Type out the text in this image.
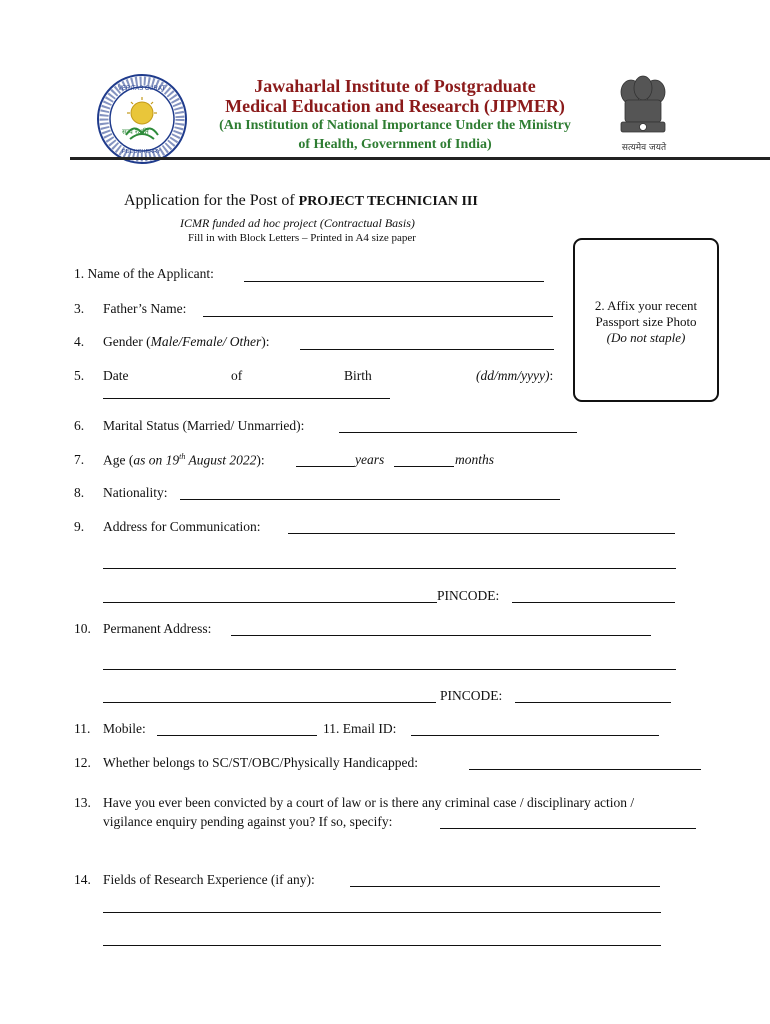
VERITAS CURAT
सत्यं रक्षति
PUDUCHERRY
Jawaharlal Institute of Postgraduate
Medical Education and Research (JIPMER)
(An Institution of National Importance Under the Ministry
of Health, Government of India)	सत्यमेव जयते
Application for the Post of PROJECT TECHNICIAN III
ICMR funded ad hoc project (Contractual Basis)
Fill in with Block Letters – Printed in A4 size paper
2. Affix your recent
Passport size Photo
(Do not staple)
1. Name of the Applicant:
3. Father’s Name:
4. Gender (Male/Female/ Other):
5. Date	of	Birth	(dd/mm/yyyy):
6. Marital Status (Married/ Unmarried):
7. Age (as on 19th August 2022):	years	months
8. Nationality:
9. Address for Communication:
PINCODE:
10. Permanent Address:
PINCODE:
11. Mobile:	11. Email ID:
12. Whether belongs to SC/ST/OBC/Physically Handicapped:
13. Have you ever been convicted by a court of law or is there any criminal case / disciplinary action /
vigilance enquiry pending against you? If so, specify:
14. Fields of Research Experience (if any):
